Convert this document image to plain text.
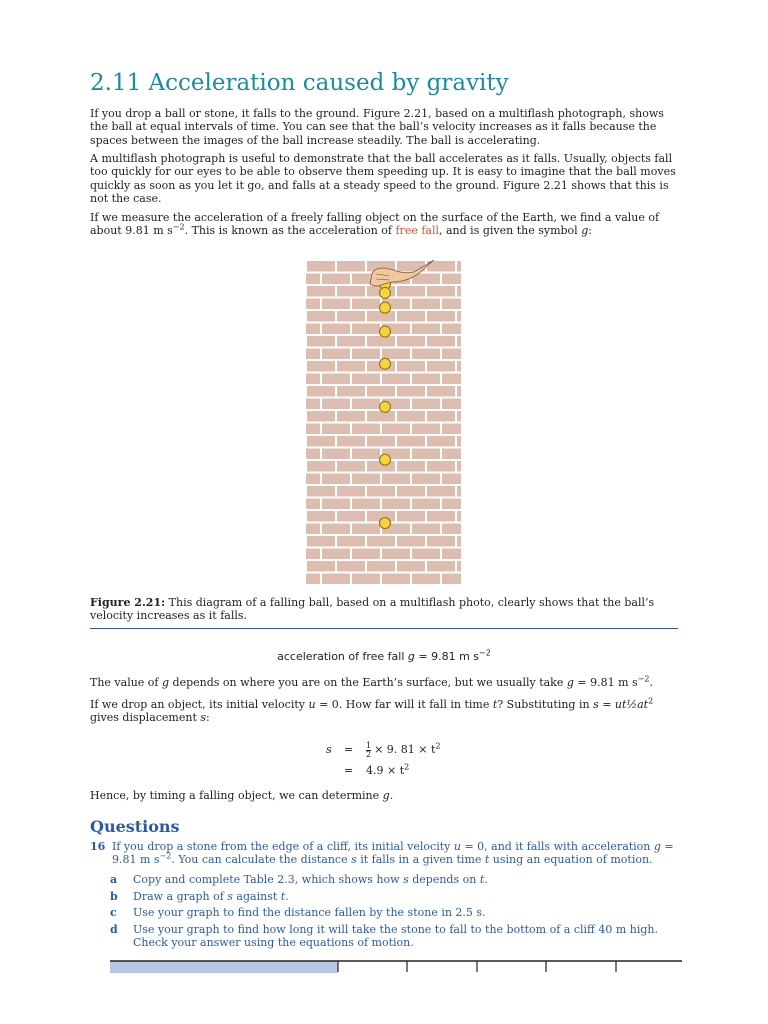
2.11 Acceleration caused by gravity

If you drop a ball or stone, it falls to the ground. Figure 2.21, based on a multiflash photograph, shows the ball at equal intervals of time. You can see that the ball’s velocity increases as it falls because the spaces between the images of the ball increase steadily. The ball is accelerating.

A multiflash photograph is useful to demonstrate that the ball accelerates as it falls. Usually, objects fall too quickly for our eyes to be able to observe them speeding up. It is easy to imagine that the ball moves quickly as soon as you let it go, and falls at a steady speed to the ground. Figure 2.21 shows that this is not the case.

If we measure the acceleration of a freely falling object on the surface of the Earth, we find a value of about 9.81 m $s^{-2}$. This is known as the acceleration of free fall, and is given the symbol g:

Figure 2.21: This diagram of a falling ball, based on a multiflash photo, clearly shows that the ball’s velocity increases as it falls.

acceleration of free fall g = 9.81 m $s^{-2}$

The value of g depends on where you are on the Earth’s surface, but we usually take g = 9.81 m $s^{-2}$.

If we drop an object, its initial velocity u = 0. How far will it fall in time t? Substituting in $s = ut\frac{1}{2}at^2$
gives displacement s:

$s = \frac{1}{2} \times 9$. $81 \times t^2$
= $4.9 \times t^2$

Hence, by timing a falling object, we can determine g.

Questions
16 If you drop a stone from the edge of a cliff, its initial velocity u = 0, and it falls with acceleration g =
9.81 m $s^{-2}$. You can calculate the distance s it falls in a given time t using an equation of motion.
a Copy and complete Table 2.3, which shows how s depends on t.
b Draw a graph of s against t.
c Use your graph to find the distance fallen by the stone in 2.5 s.
d Use your graph to find how long it will take the stone to fall to the bottom of a cliff 40 m high. Check your answer using the equations of motion.
